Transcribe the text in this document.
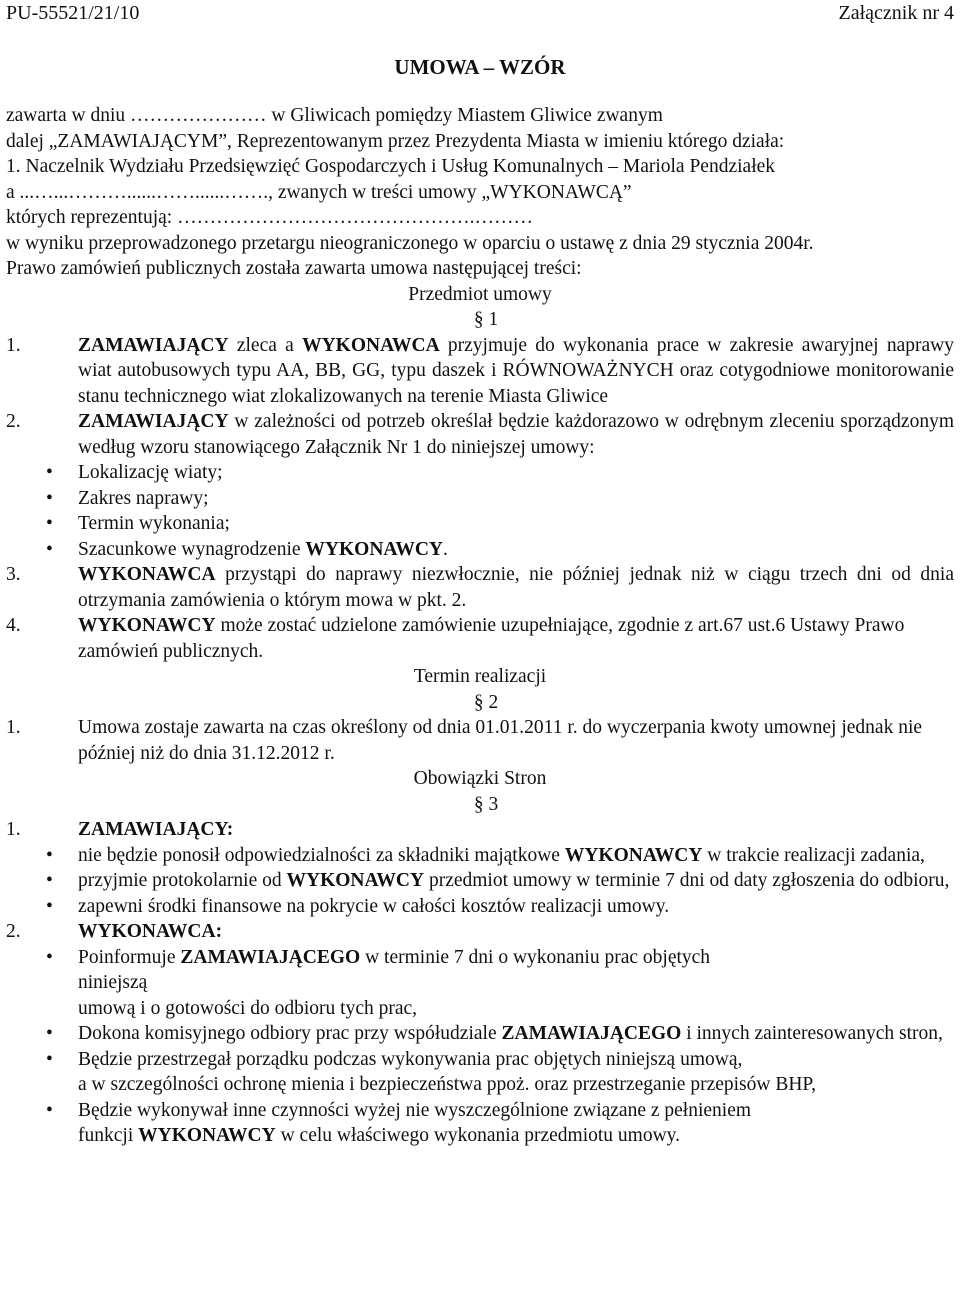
PU-55521/21/10	Załącznik nr 4
UMOWA – WZÓR

zawarta w dniu ………………… w Gliwicach pomiędzy Miastem Gliwice zwanym

dalej „ZAMAWIAJĄCYM”, Reprezentowanym przez Prezydenta Miasta w imieniu którego działa:

1. Naczelnik Wydziału Przedsięwzięć Gospodarczych i Usług Komunalnych – Mariola Pendziałek

a ...…...………......……......……., zwanych w treści umowy „WYKONAWCĄ”

których reprezentują: ……………………………………….………

w wyniku przeprowadzonego przetargu nieograniczonego w oparciu o ustawę z dnia 29 stycznia 2004r.

Prawo zamówień publicznych została zawarta umowa następującej treści:

Przedmiot umowy

§ 1

1.	ZAMAWIAJĄCY zleca a WYKONAWCA przyjmuje do wykonania prace w zakresie awaryjnej naprawy wiat autobusowych typu AA, BB, GG, typu daszek i RÓWNOWAŻNYCH oraz cotygodniowe monitorowanie stanu technicznego wiat zlokalizowanych na terenie Miasta Gliwice
2.	ZAMAWIAJĄCY w zależności od potrzeb określał będzie każdorazowo w odrębnym zleceniu sporządzonym według wzoru stanowiącego Załącznik Nr 1 do niniejszej umowy:
•
Lokalizację wiaty;
•
Zakres naprawy;
•
Termin wykonania;
•
Szacunkowe wynagrodzenie WYKONAWCY.
3.	WYKONAWCA przystąpi do naprawy niezwłocznie, nie później jednak niż w ciągu trzech dni od dnia otrzymania zamówienia o którym mowa w pkt. 2.
4.	WYKONAWCY może zostać udzielone zamówienie uzupełniające, zgodnie z art.67 ust.6 Ustawy Prawo zamówień publicznych.

Termin realizacji

§ 2

1.	Umowa zostaje zawarta na czas określony od dnia 01.01.2011 r. do wyczerpania kwoty umownej jednak nie później niż do dnia 31.12.2012 r.

Obowiązki Stron

§ 3

1.	ZAMAWIAJĄCY:
•
nie będzie ponosił odpowiedzialności za składniki majątkowe WYKONAWCY w trakcie realizacji zadania,
•
przyjmie protokolarnie od WYKONAWCY przedmiot umowy w terminie 7 dni od daty zgłoszenia do odbioru,
•
zapewni środki finansowe na pokrycie w całości kosztów realizacji umowy.
2.	WYKONAWCA:
•
Poinformuje ZAMAWIAJĄCEGO w terminie 7 dni o wykonaniu prac objętych
niniejszą
umową i o gotowości do odbioru tych prac,
•
Dokona komisyjnego odbiory prac przy współudziale ZAMAWIAJĄCEGO i innych zainteresowanych stron,
•
Będzie przestrzegał porządku podczas wykonywania prac objętych niniejszą umową,
a w szczególności ochronę mienia i bezpieczeństwa ppoż. oraz przestrzeganie przepisów BHP,
•
Będzie wykonywał inne czynności wyżej nie wyszczególnione związane z pełnieniem
funkcji WYKONAWCY w celu właściwego wykonania przedmiotu umowy.
